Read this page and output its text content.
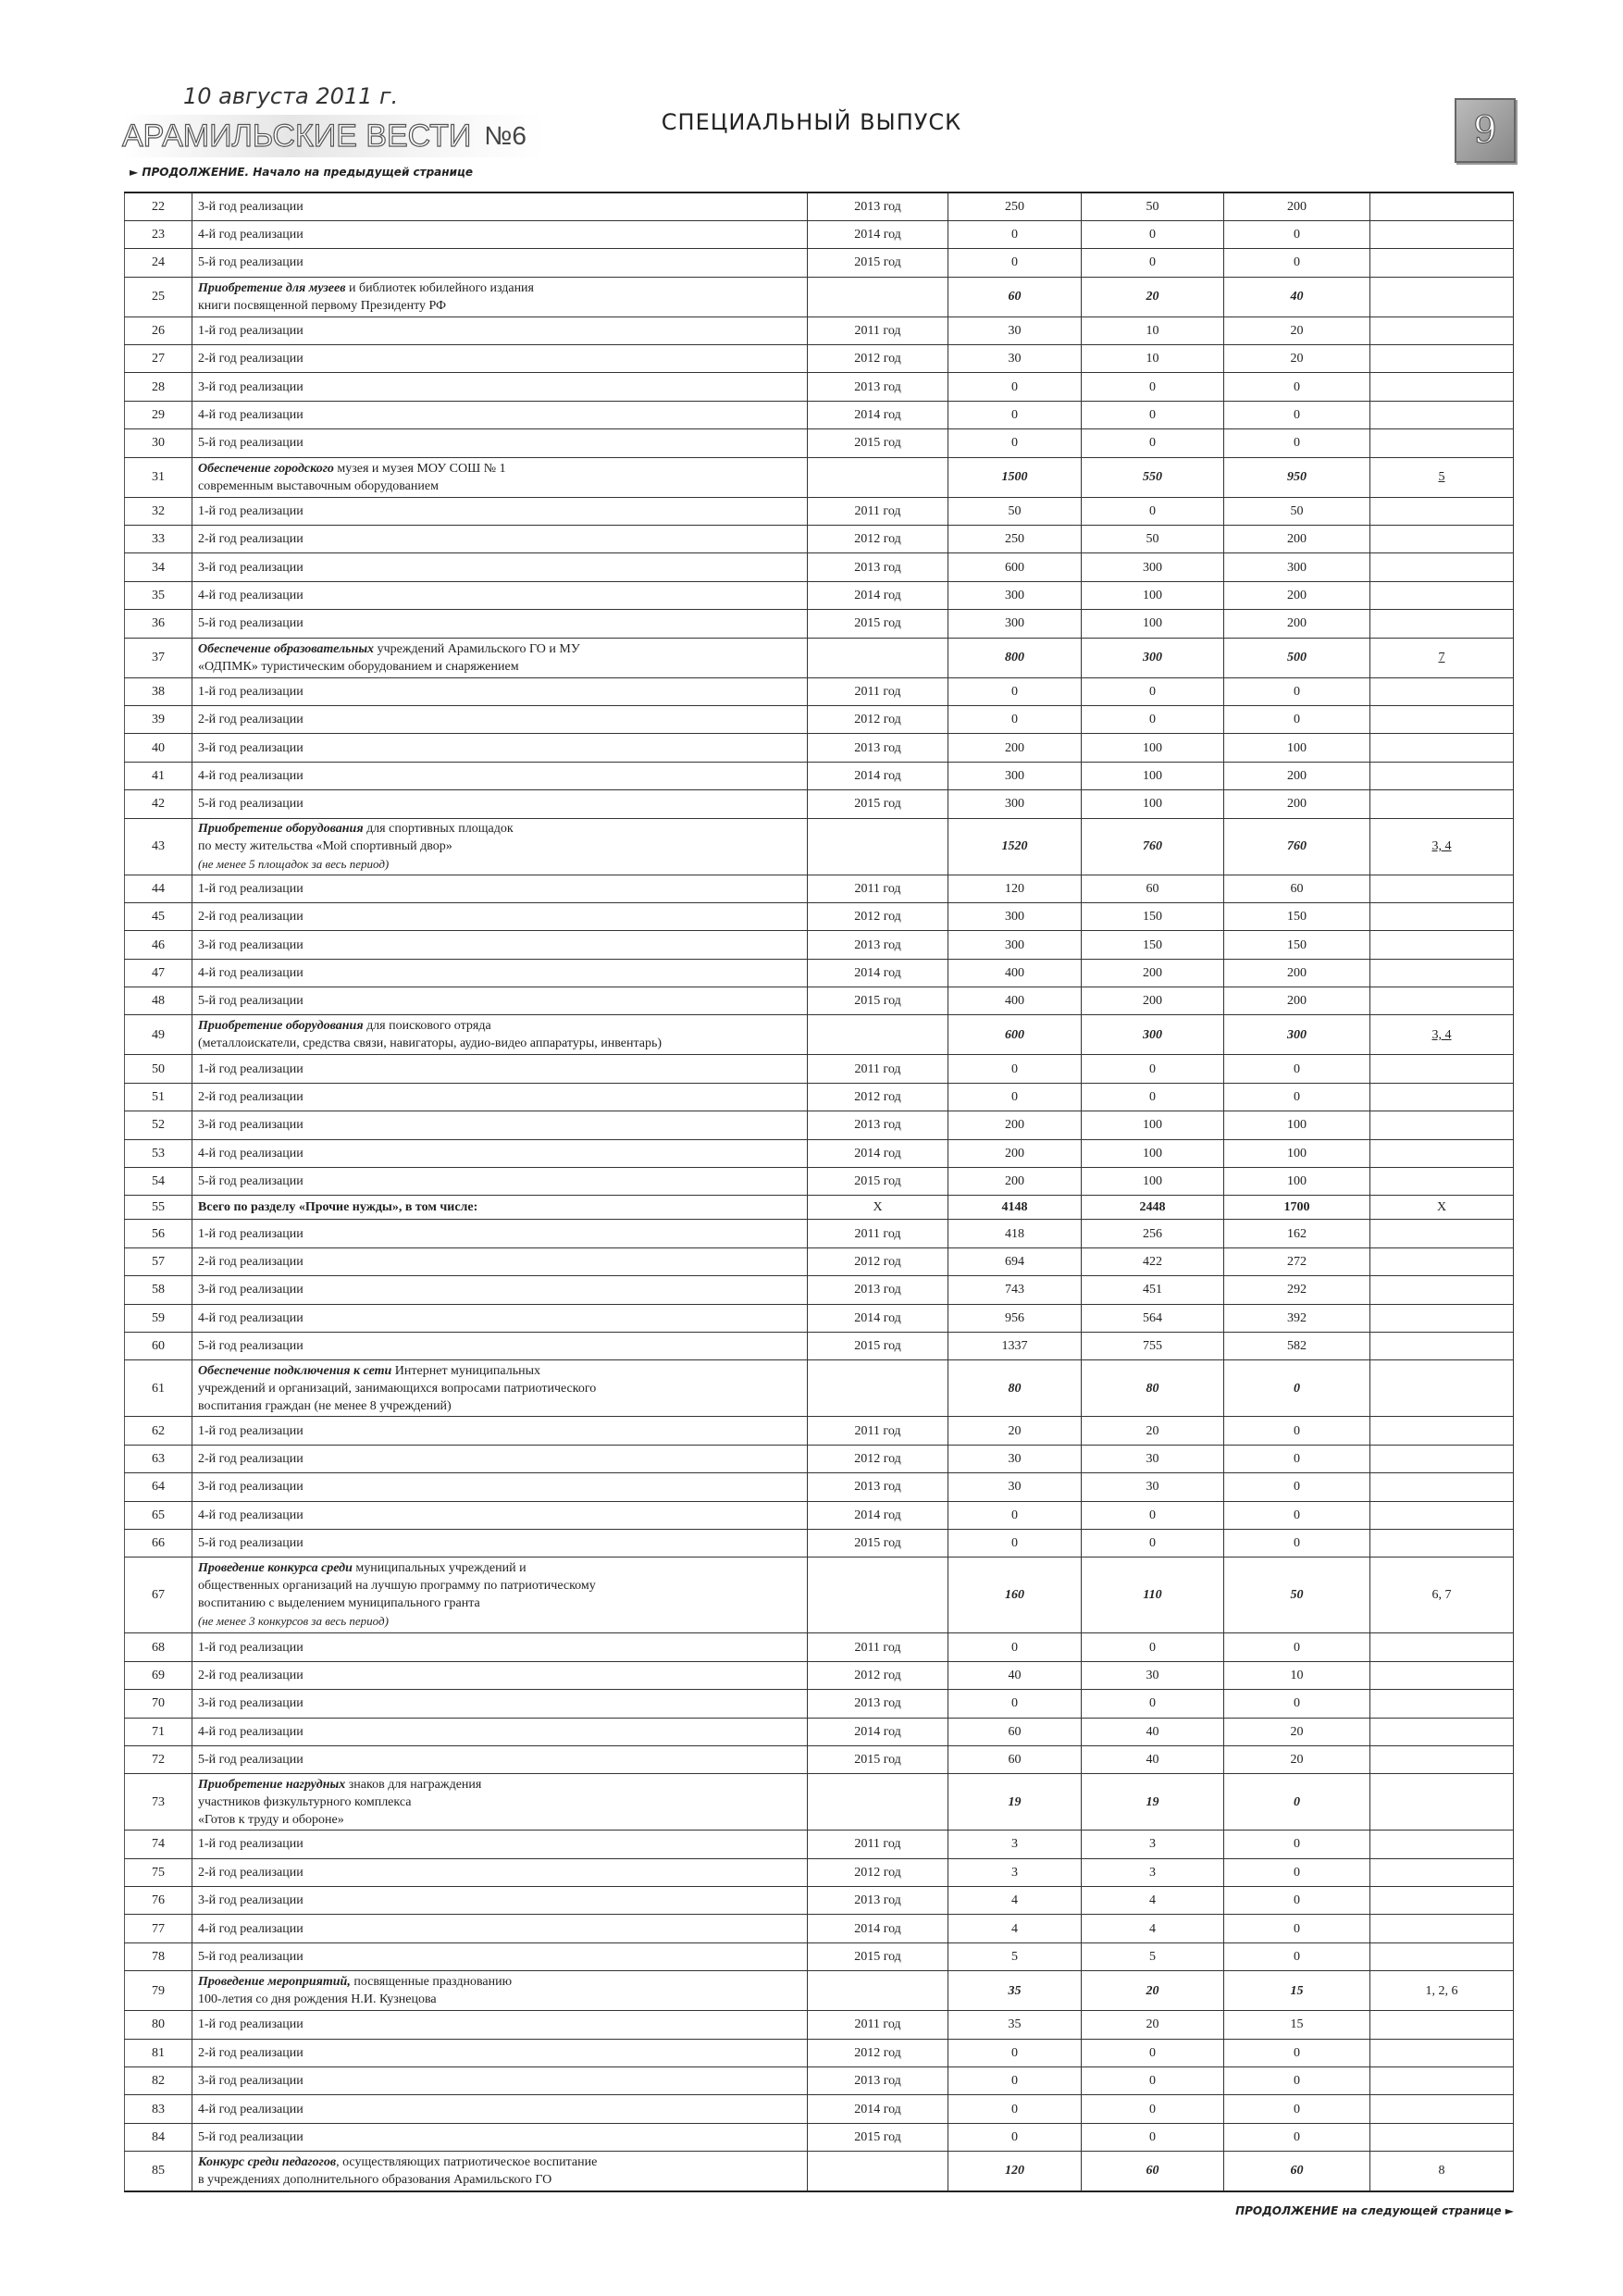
10 августа 2011 г.
АРАМИЛЬСКИЕ ВЕСТИ №6	СПЕЦИАЛЬНЫЙ ВЫПУСК	9
► ПРОДОЛЖЕНИЕ. Начало на предыдущей странице
22	3-й год реализации	2013 год	250	50	200	
23	4-й год реализации	2014 год	0	0	0	
24	5-й год реализации	2015 год	0	0	0	
25	Приобретение для музеев и библиотек юбилейного издания
книги посвященной первому Президенту РФ		60	20	40	
26	1-й год реализации	2011 год	30	10	20	
27	2-й год реализации	2012 год	30	10	20	
28	3-й год реализации	2013 год	0	0	0	
29	4-й год реализации	2014 год	0	0	0	
30	5-й год реализации	2015 год	0	0	0	
31	Обеспечение городского музея и музея МОУ СОШ № 1
современным выставочным оборудованием		1500	550	950	5
32	1-й год реализации	2011 год	50	0	50	
33	2-й год реализации	2012 год	250	50	200	
34	3-й год реализации	2013 год	600	300	300	
35	4-й год реализации	2014 год	300	100	200	
36	5-й год реализации	2015 год	300	100	200	
37	Обеспечение образовательных учреждений Арамильского ГО и МУ
«ОДПМК» туристическим оборудованием и снаряжением		800	300	500	7
38	1-й год реализации	2011 год	0	0	0	
39	2-й год реализации	2012 год	0	0	0	
40	3-й год реализации	2013 год	200	100	100	
41	4-й год реализации	2014 год	300	100	200	
42	5-й год реализации	2015 год	300	100	200	
43	Приобретение оборудования для спортивных площадок
по месту жительства «Мой спортивный двор»
(не менее 5 площадок за весь период)		1520	760	760	3, 4
44	1-й год реализации	2011 год	120	60	60	
45	2-й год реализации	2012 год	300	150	150	
46	3-й год реализации	2013 год	300	150	150	
47	4-й год реализации	2014 год	400	200	200	
48	5-й год реализации	2015 год	400	200	200	
49	Приобретение оборудования для поискового отряда
(металлоискатели, средства связи, навигаторы, аудио-видео аппаратуры, инвентарь)		600	300	300	3, 4
50	1-й год реализации	2011 год	0	0	0	
51	2-й год реализации	2012 год	0	0	0	
52	3-й год реализации	2013 год	200	100	100	
53	4-й год реализации	2014 год	200	100	100	
54	5-й год реализации	2015 год	200	100	100	
55	Всего по разделу «Прочие нужды», в том числе:	X	4148	2448	1700	X
56	1-й год реализации	2011 год	418	256	162	
57	2-й год реализации	2012 год	694	422	272	
58	3-й год реализации	2013 год	743	451	292	
59	4-й год реализации	2014 год	956	564	392	
60	5-й год реализации	2015 год	1337	755	582	
61	Обеспечение подключения к сети Интернет муниципальных
учреждений и организаций, занимающихся вопросами патриотического
воспитания граждан (не менее 8 учреждений)		80	80	0	
62	1-й год реализации	2011 год	20	20	0	
63	2-й год реализации	2012 год	30	30	0	
64	3-й год реализации	2013 год	30	30	0	
65	4-й год реализации	2014 год	0	0	0	
66	5-й год реализации	2015 год	0	0	0	
67	Проведение конкурса среди муниципальных учреждений и
общественных организаций на лучшую программу по патриотическому
воспитанию с выделением муниципального гранта
(не менее 3 конкурсов за весь период)		160	110	50	6, 7
68	1-й год реализации	2011 год	0	0	0	
69	2-й год реализации	2012 год	40	30	10	
70	3-й год реализации	2013 год	0	0	0	
71	4-й год реализации	2014 год	60	40	20	
72	5-й год реализации	2015 год	60	40	20	
73	Приобретение нагрудных знаков для награждения
участников физкультурного комплекса
«Готов к труду и обороне»		19	19	0	
74	1-й год реализации	2011 год	3	3	0	
75	2-й год реализации	2012 год	3	3	0	
76	3-й год реализации	2013 год	4	4	0	
77	4-й год реализации	2014 год	4	4	0	
78	5-й год реализации	2015 год	5	5	0	
79	Проведение мероприятий, посвященные празднованию
100-летия со дня рождения Н.И. Кузнецова		35	20	15	1, 2, 6
80	1-й год реализации	2011 год	35	20	15	
81	2-й год реализации	2012 год	0	0	0	
82	3-й год реализации	2013 год	0	0	0	
83	4-й год реализации	2014 год	0	0	0	
84	5-й год реализации	2015 год	0	0	0	
85	Конкурс среди педагогов, осуществляющих патриотическое воспитание
в учреждениях дополнительного образования Арамильского ГО		120	60	60	8
ПРОДОЛЖЕНИЕ на следующей странице ►
